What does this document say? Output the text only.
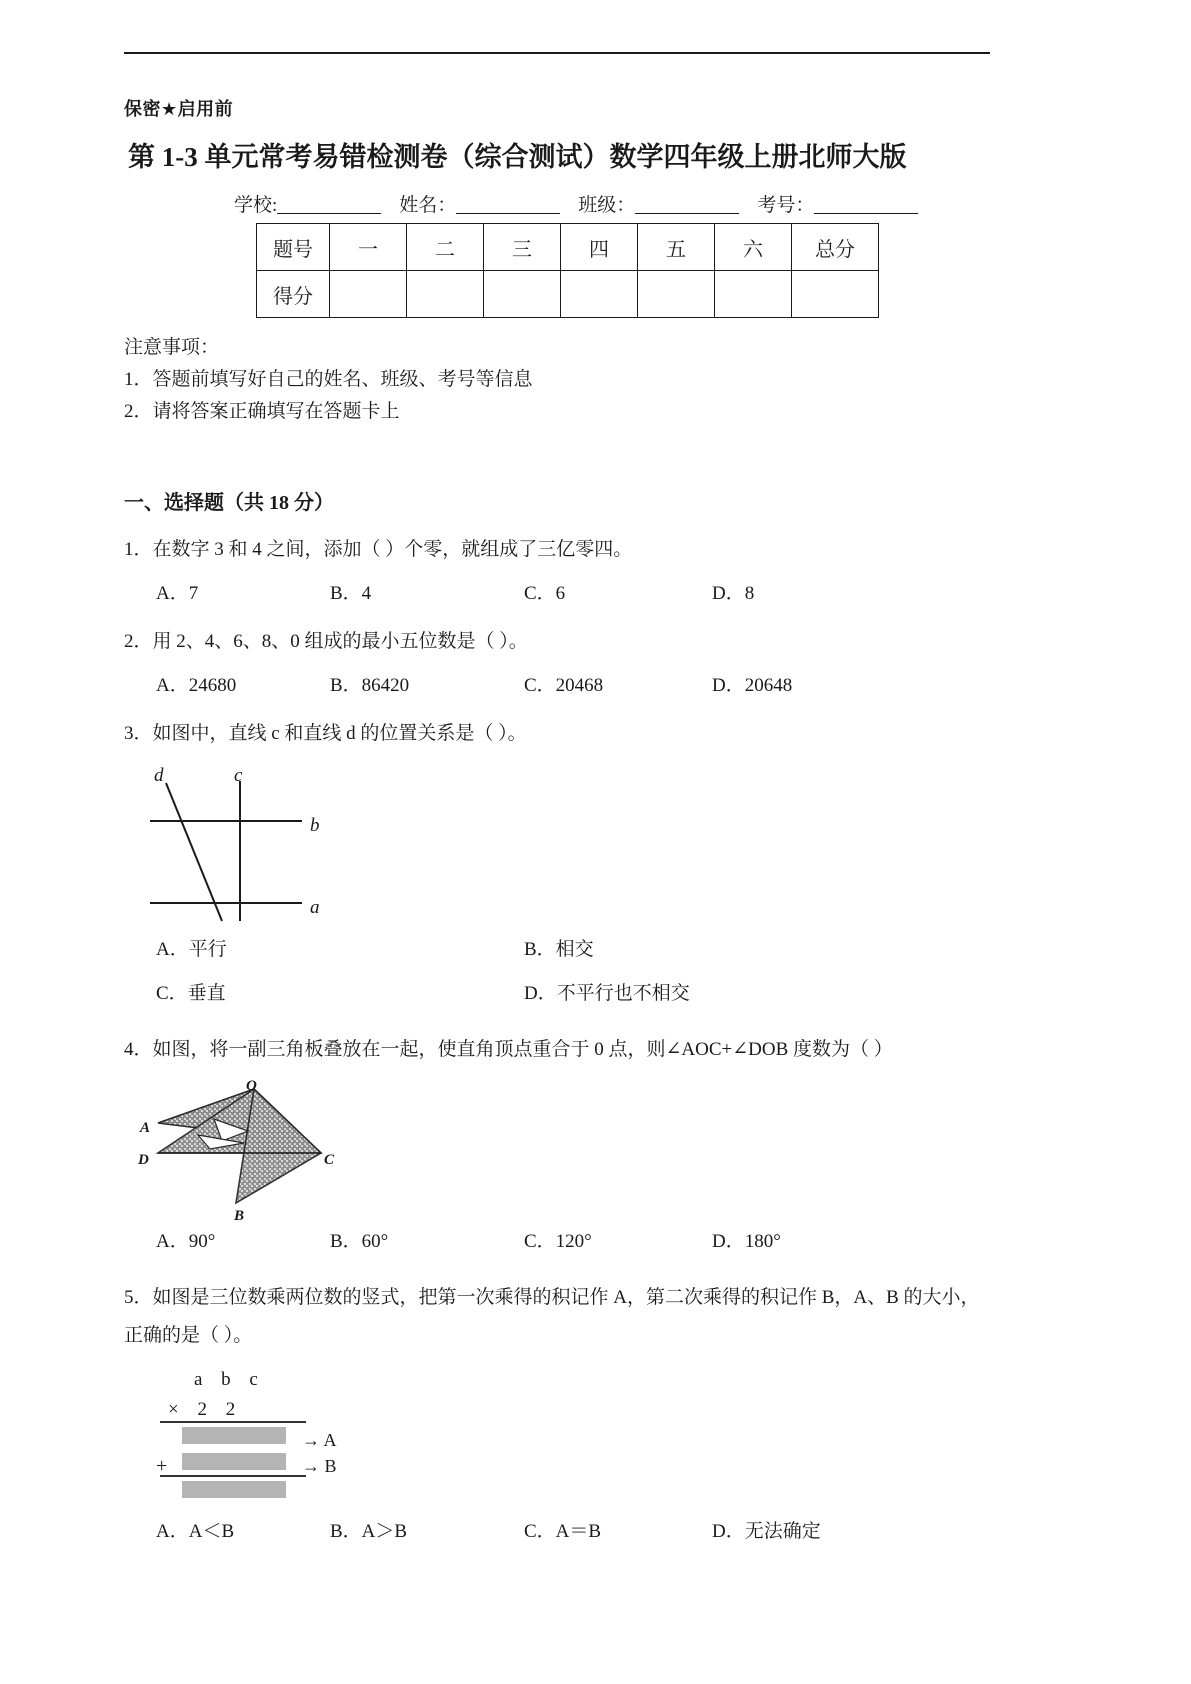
保密★启用前

第 1-3 单元常考易错检测卷（综合测试）数学四年级上册北师大版
学校:	姓名：	班级：	考号：
题号	一	二	三	四	五	六	总分
得分							

注意事项：

1．答题前填写好自己的姓名、班级、考号等信息

2．请将答案正确填写在答题卡上

一、选择题（共 18 分）

1．在数字 3 和 4 之间，添加（ ）个零，就组成了三亿零四。

A．7	B．4	C．6	D．8

2．用 2、4、6、8、0 组成的最小五位数是（ ）。

A．24680	B．86420	C．20468	D．20648

3．如图中，直线 c 和直线 d 的位置关系是（ ）。

d	c
b
a
A．平行	B．相交
C．垂直	D．不平行也不相交

4．如图，将一副三角板叠放在一起，使直角顶点重合于 0 点，则∠AOC+∠DOB 度数为（ ）

O
A
D	C
B
A．90°	B．60°	C．120°	D．180°

5．如图是三位数乘两位数的竖式，把第一次乘得的积记作 A，第二次乘得的积记作 B，A、B 的大小，

正确的是（ ）。

a b c
× 2 2
→ A
+	→ B
A．A＜B	B．A＞B	C．A＝B	D．无法确定
